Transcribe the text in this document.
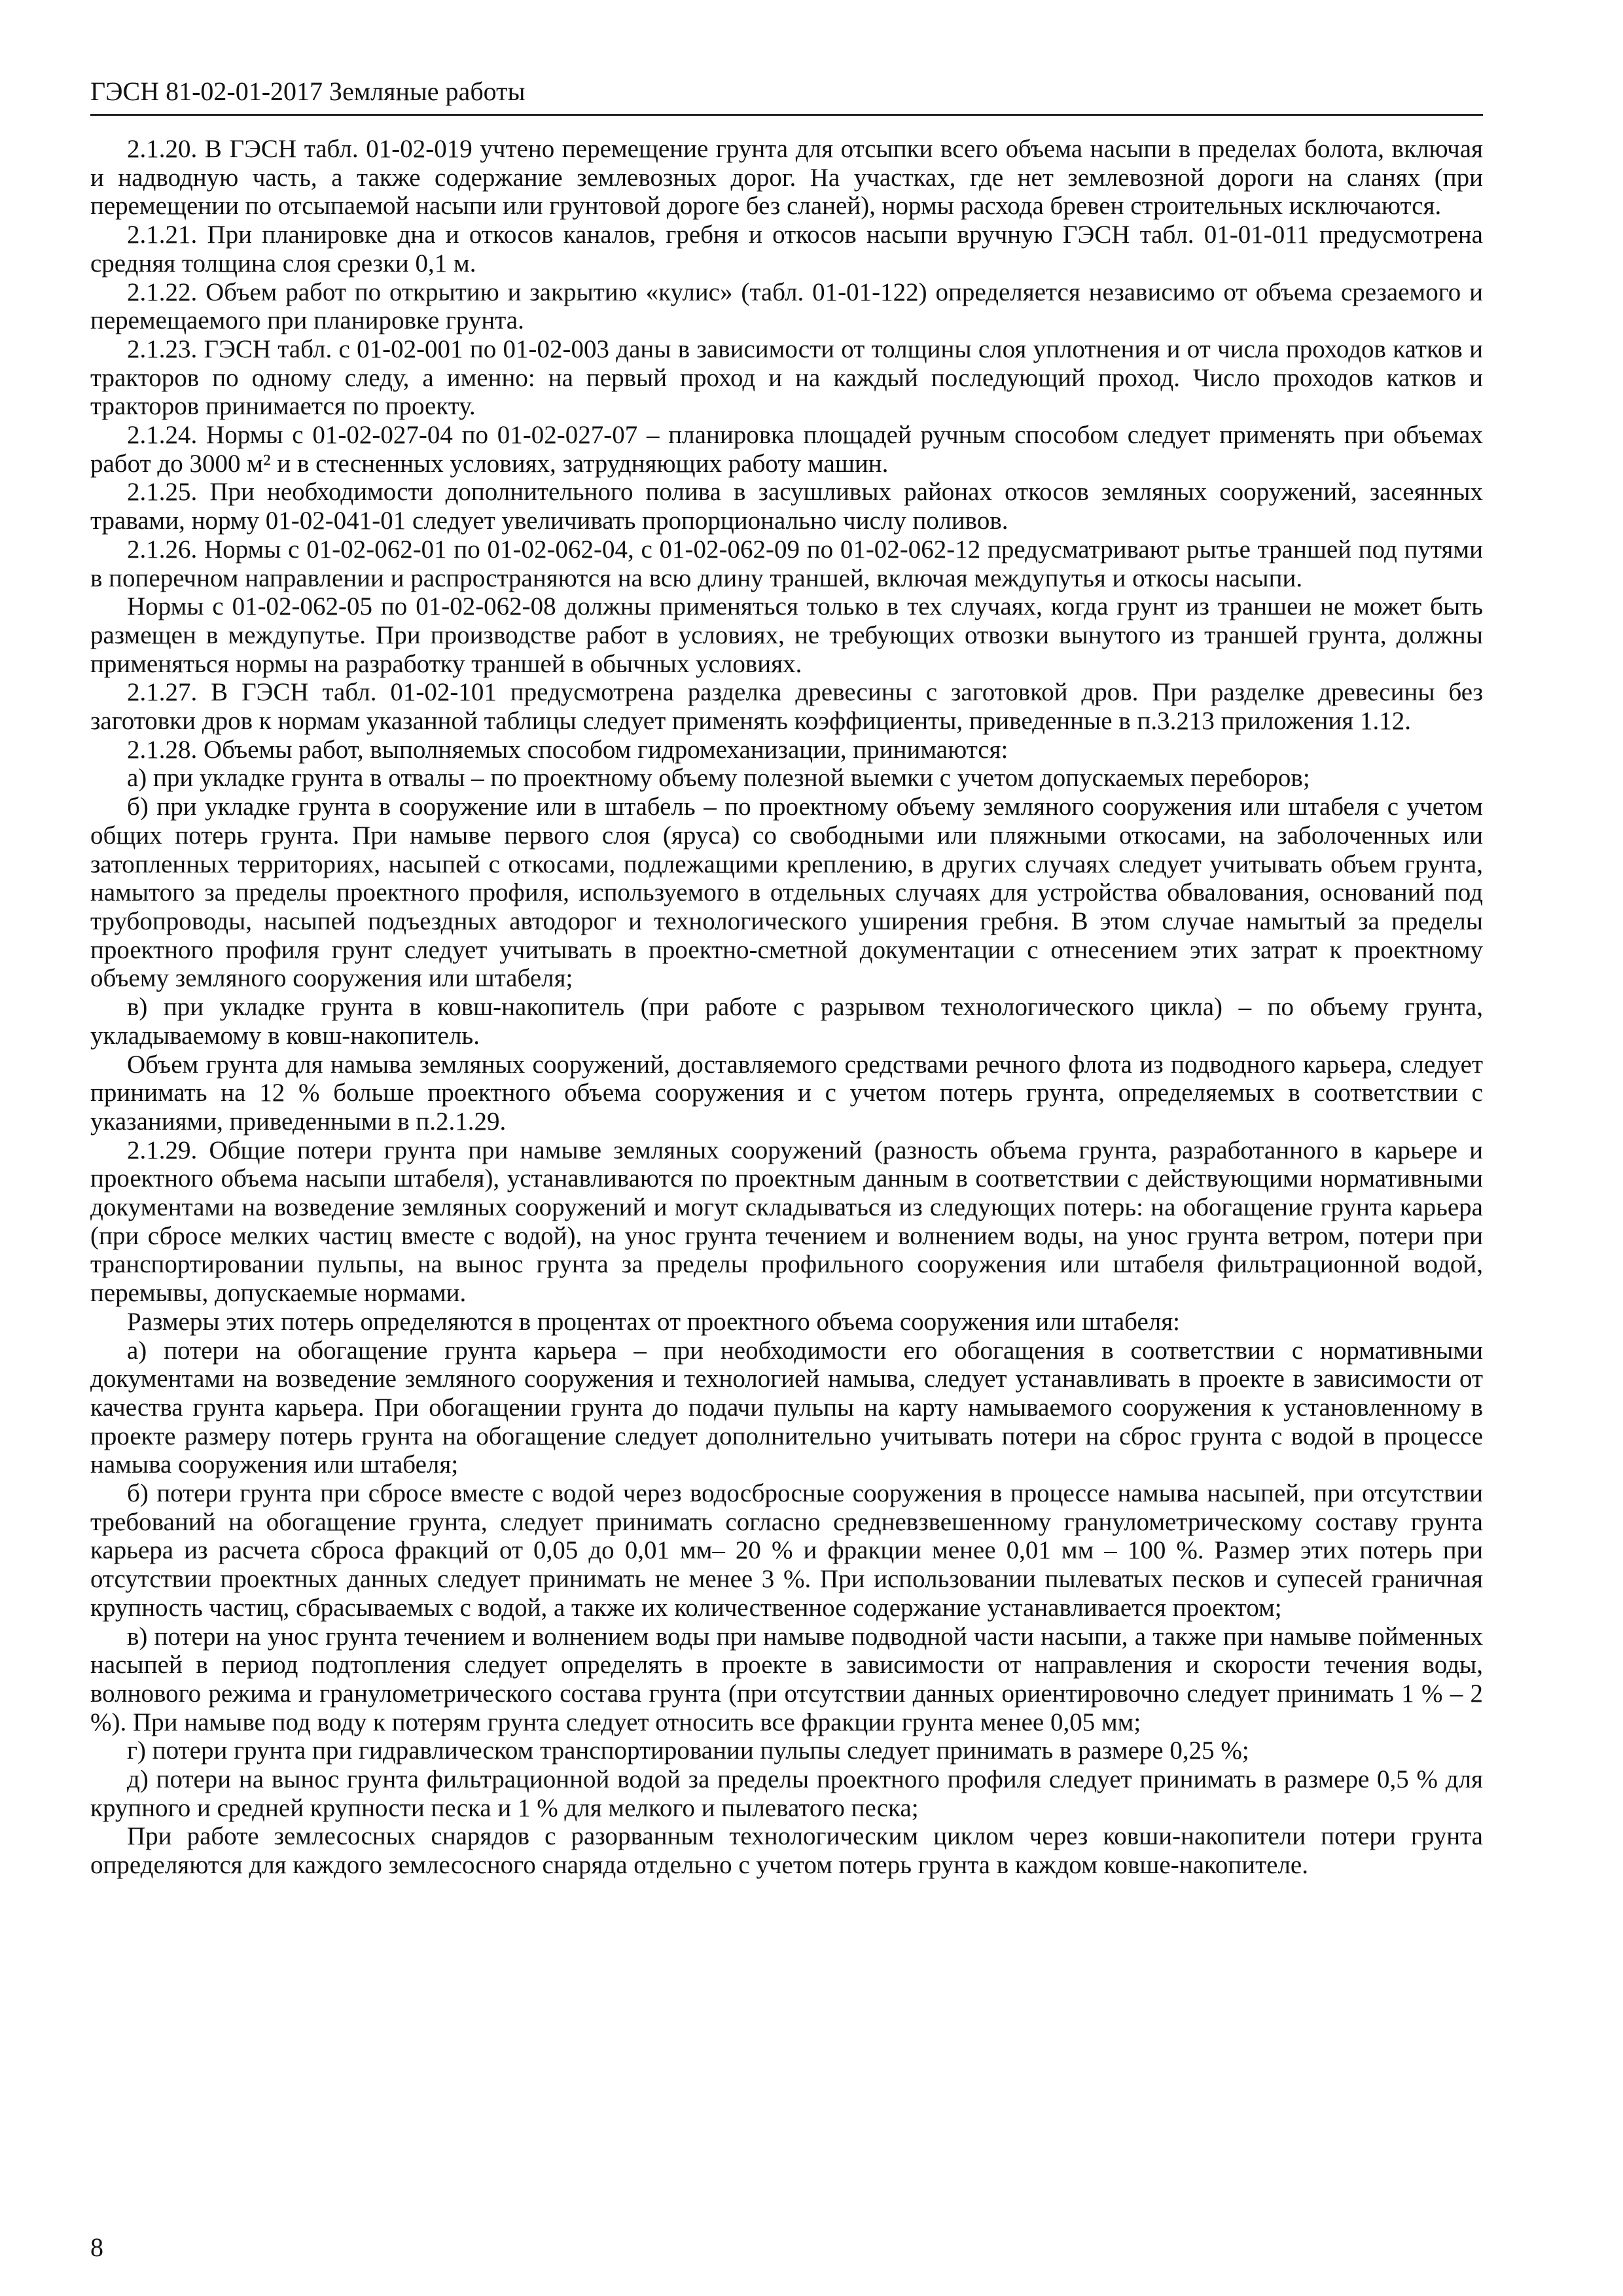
ГЭСН 81-02-01-2017 Земляные работы

2.1.20. В ГЭСН табл. 01-02-019 учтено перемещение грунта для отсыпки всего объема насыпи в пределах болота, включая и надводную часть, а также содержание землевозных дорог. На участках, где нет землевозной дороги на сланях (при перемещении по отсыпаемой насыпи или грунтовой дороге без сланей), нормы расхода бревен строительных исключаются.

2.1.21. При планировке дна и откосов каналов, гребня и откосов насыпи вручную ГЭСН табл. 01-01-011 предусмотрена средняя толщина слоя срезки 0,1 м.

2.1.22. Объем работ по открытию и закрытию «кулис» (табл. 01-01-122) определяется независимо от объема срезаемого и перемещаемого при планировке грунта.

2.1.23. ГЭСН табл. с 01-02-001 по 01-02-003 даны в зависимости от толщины слоя уплотнения и от числа проходов катков и тракторов по одному следу, а именно: на первый проход и на каждый последующий проход. Число проходов катков и тракторов принимается по проекту.

2.1.24. Нормы с 01-02-027-04 по 01-02-027-07 – планировка площадей ручным способом следует применять при объемах работ до 3000 м² и в стесненных условиях, затрудняющих работу машин.

2.1.25. При необходимости дополнительного полива в засушливых районах откосов земляных сооружений, засеянных травами, норму 01-02-041-01 следует увеличивать пропорционально числу поливов.

2.1.26. Нормы с 01-02-062-01 по 01-02-062-04, с 01-02-062-09 по 01-02-062-12 предусматривают рытье траншей под путями в поперечном направлении и распространяются на всю длину траншей, включая междупутья и откосы насыпи.

Нормы с 01-02-062-05 по 01-02-062-08 должны применяться только в тех случаях, когда грунт из траншеи не может быть размещен в междупутье. При производстве работ в условиях, не требующих отвозки вынутого из траншей грунта, должны применяться нормы на разработку траншей в обычных условиях.

2.1.27. В ГЭСН табл. 01-02-101 предусмотрена разделка древесины с заготовкой дров. При разделке древесины без заготовки дров к нормам указанной таблицы следует применять коэффициенты, приведенные в п.3.213 приложения 1.12.

2.1.28. Объемы работ, выполняемых способом гидромеханизации, принимаются:

а) при укладке грунта в отвалы – по проектному объему полезной выемки с учетом допускаемых переборов;

б) при укладке грунта в сооружение или в штабель – по проектному объему земляного сооружения или штабеля с учетом общих потерь грунта. При намыве первого слоя (яруса) со свободными или пляжными откосами, на заболоченных или затопленных территориях, насыпей с откосами, подлежащими креплению, в других случаях следует учитывать объем грунта, намытого за пределы проектного профиля, используемого в отдельных случаях для устройства обвалования, оснований под трубопроводы, насыпей подъездных автодорог и технологического уширения гребня. В этом случае намытый за пределы проектного профиля грунт следует учитывать в проектно-сметной документации с отнесением этих затрат к проектному объему земляного сооружения или штабеля;

в) при укладке грунта в ковш-накопитель (при работе с разрывом технологического цикла) – по объему грунта, укладываемому в ковш-накопитель.

Объем грунта для намыва земляных сооружений, доставляемого средствами речного флота из подводного карьера, следует принимать на 12 % больше проектного объема сооружения и с учетом потерь грунта, определяемых в соответствии с указаниями, приведенными в п.2.1.29.

2.1.29. Общие потери грунта при намыве земляных сооружений (разность объема грунта, разработанного в карьере и проектного объема насыпи штабеля), устанавливаются по проектным данным в соответствии с действующими нормативными документами на возведение земляных сооружений и могут складываться из следующих потерь: на обогащение грунта карьера (при сбросе мелких частиц вместе с водой), на унос грунта течением и волнением воды, на унос грунта ветром, потери при транспортировании пульпы, на вынос грунта за пределы профильного сооружения или штабеля фильтрационной водой, перемывы, допускаемые нормами.

Размеры этих потерь определяются в процентах от проектного объема сооружения или штабеля:

а) потери на обогащение грунта карьера – при необходимости его обогащения в соответствии с нормативными документами на возведение земляного сооружения и технологией намыва, следует устанавливать в проекте в зависимости от качества грунта карьера. При обогащении грунта до подачи пульпы на карту намываемого сооружения к установленному в проекте размеру потерь грунта на обогащение следует дополнительно учитывать потери на сброс грунта с водой в процессе намыва сооружения или штабеля;

б) потери грунта при сбросе вместе с водой через водосбросные сооружения в процессе намыва насыпей, при отсутствии требований на обогащение грунта, следует принимать согласно средневзвешенному гранулометрическому составу грунта карьера из расчета сброса фракций от 0,05 до 0,01 мм– 20 % и фракции менее 0,01 мм – 100 %. Размер этих потерь при отсутствии проектных данных следует принимать не менее 3 %. При использовании пылеватых песков и супесей граничная крупность частиц, сбрасываемых с водой, а также их количественное содержание устанавливается проектом;

в) потери на унос грунта течением и волнением воды при намыве подводной части насыпи, а также при намыве пойменных насыпей в период подтопления следует определять в проекте в зависимости от направления и скорости течения воды, волнового режима и гранулометрического состава грунта (при отсутствии данных ориентировочно следует принимать 1 % – 2 %). При намыве под воду к потерям грунта следует относить все фракции грунта менее 0,05 мм;

г) потери грунта при гидравлическом транспортировании пульпы следует принимать в размере 0,25 %;

д) потери на вынос грунта фильтрационной водой за пределы проектного профиля следует принимать в размере 0,5 % для крупного и средней крупности песка и 1 % для мелкого и пылеватого песка;

При работе землесосных снарядов с разорванным технологическим циклом через ковши-накопители потери грунта определяются для каждого землесосного снаряда отдельно с учетом потерь грунта в каждом ковше-накопителе.

8
